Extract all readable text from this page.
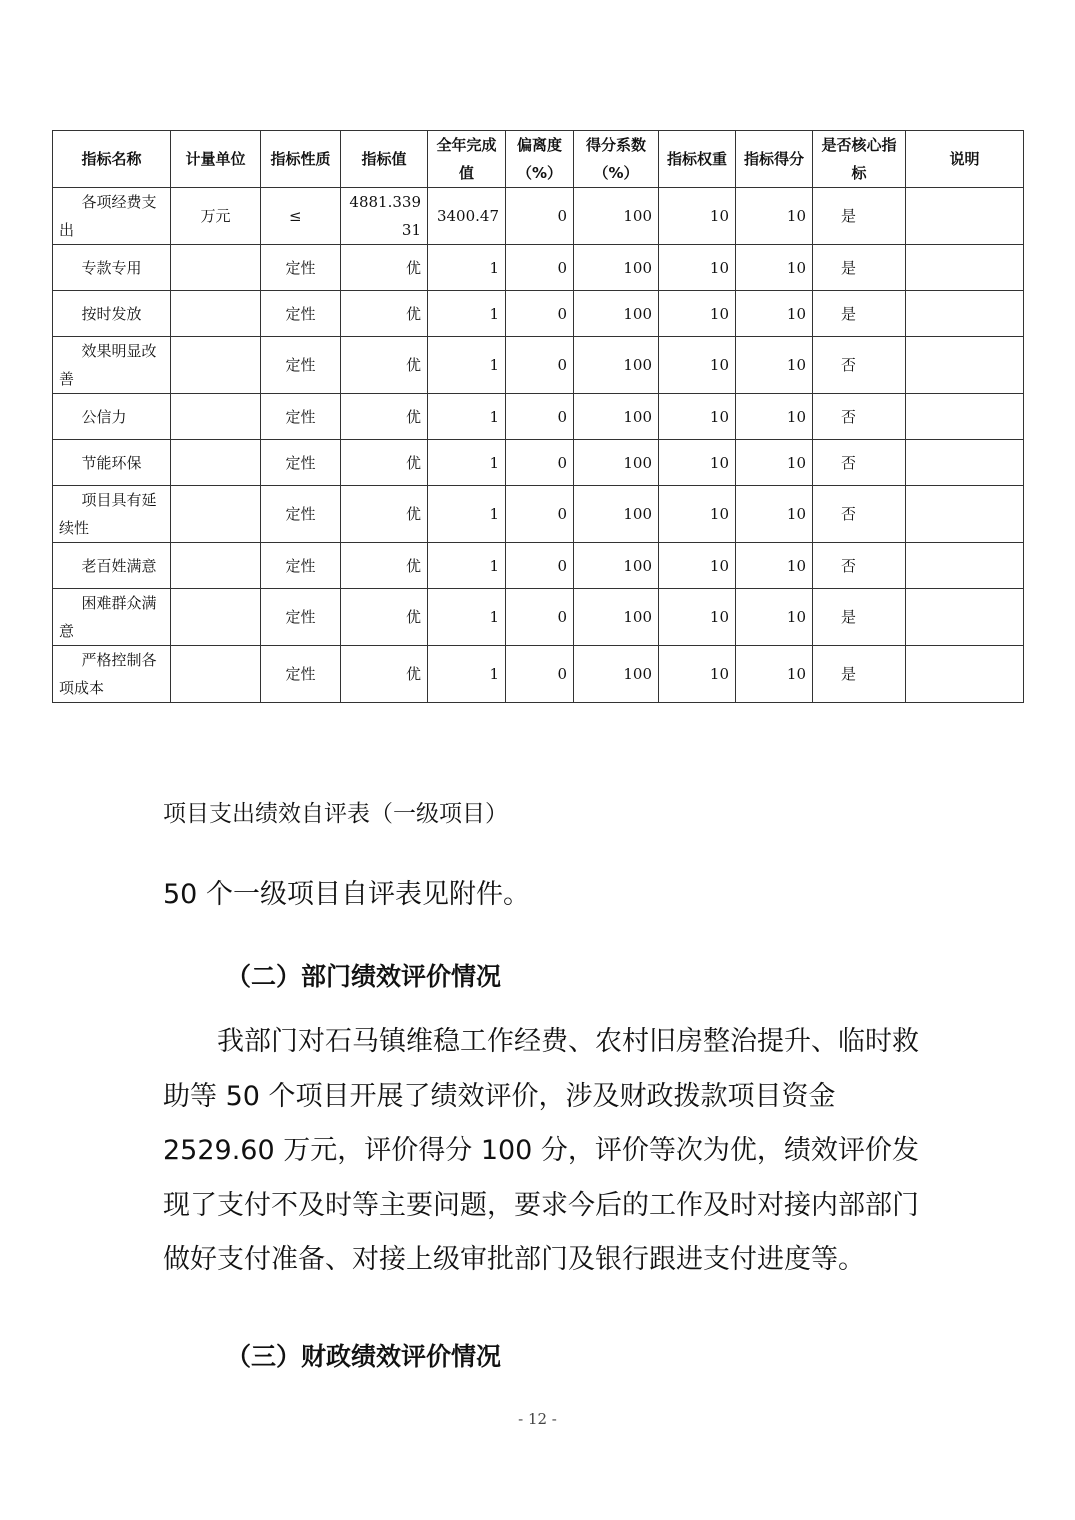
指标名称	计量单位	指标性质	指标值	全年完成值	偏离度（%）	得分系数（%）	指标权重	指标得分	是否核心指标	说明

各项经费支出	万元	≤	4881.33931	3400.47	0	100	10	10	是	

专款专用		定性	优	1	0	100	10	10	是	

按时发放		定性	优	1	0	100	10	10	是	

效果明显改善		定性	优	1	0	100	10	10	否	

公信力		定性	优	1	0	100	10	10	否	

节能环保		定性	优	1	0	100	10	10	否	

项目具有延续性		定性	优	1	0	100	10	10	否	

老百姓满意		定性	优	1	0	100	10	10	否	

困难群众满意		定性	优	1	0	100	10	10	是	

严格控制各项成本		定性	优	1	0	100	10	10	是	
项目支出绩效自评表（一级项目）
50 个一级项目自评表见附件。
（二）部门绩效评价情况

我部门对石马镇维稳工作经费、农村旧房整治提升、临时救助等 50 个项目开展了绩效评价，涉及财政拨款项目资金 2529.60 万元，评价得分 100 分，评价等次为优，绩效评价发现了支付不及时等主要问题，要求今后的工作及时对接内部部门做好支付准备、对接上级审批部门及银行跟进支付进度等。

（三）财政绩效评价情况
- 12 -
